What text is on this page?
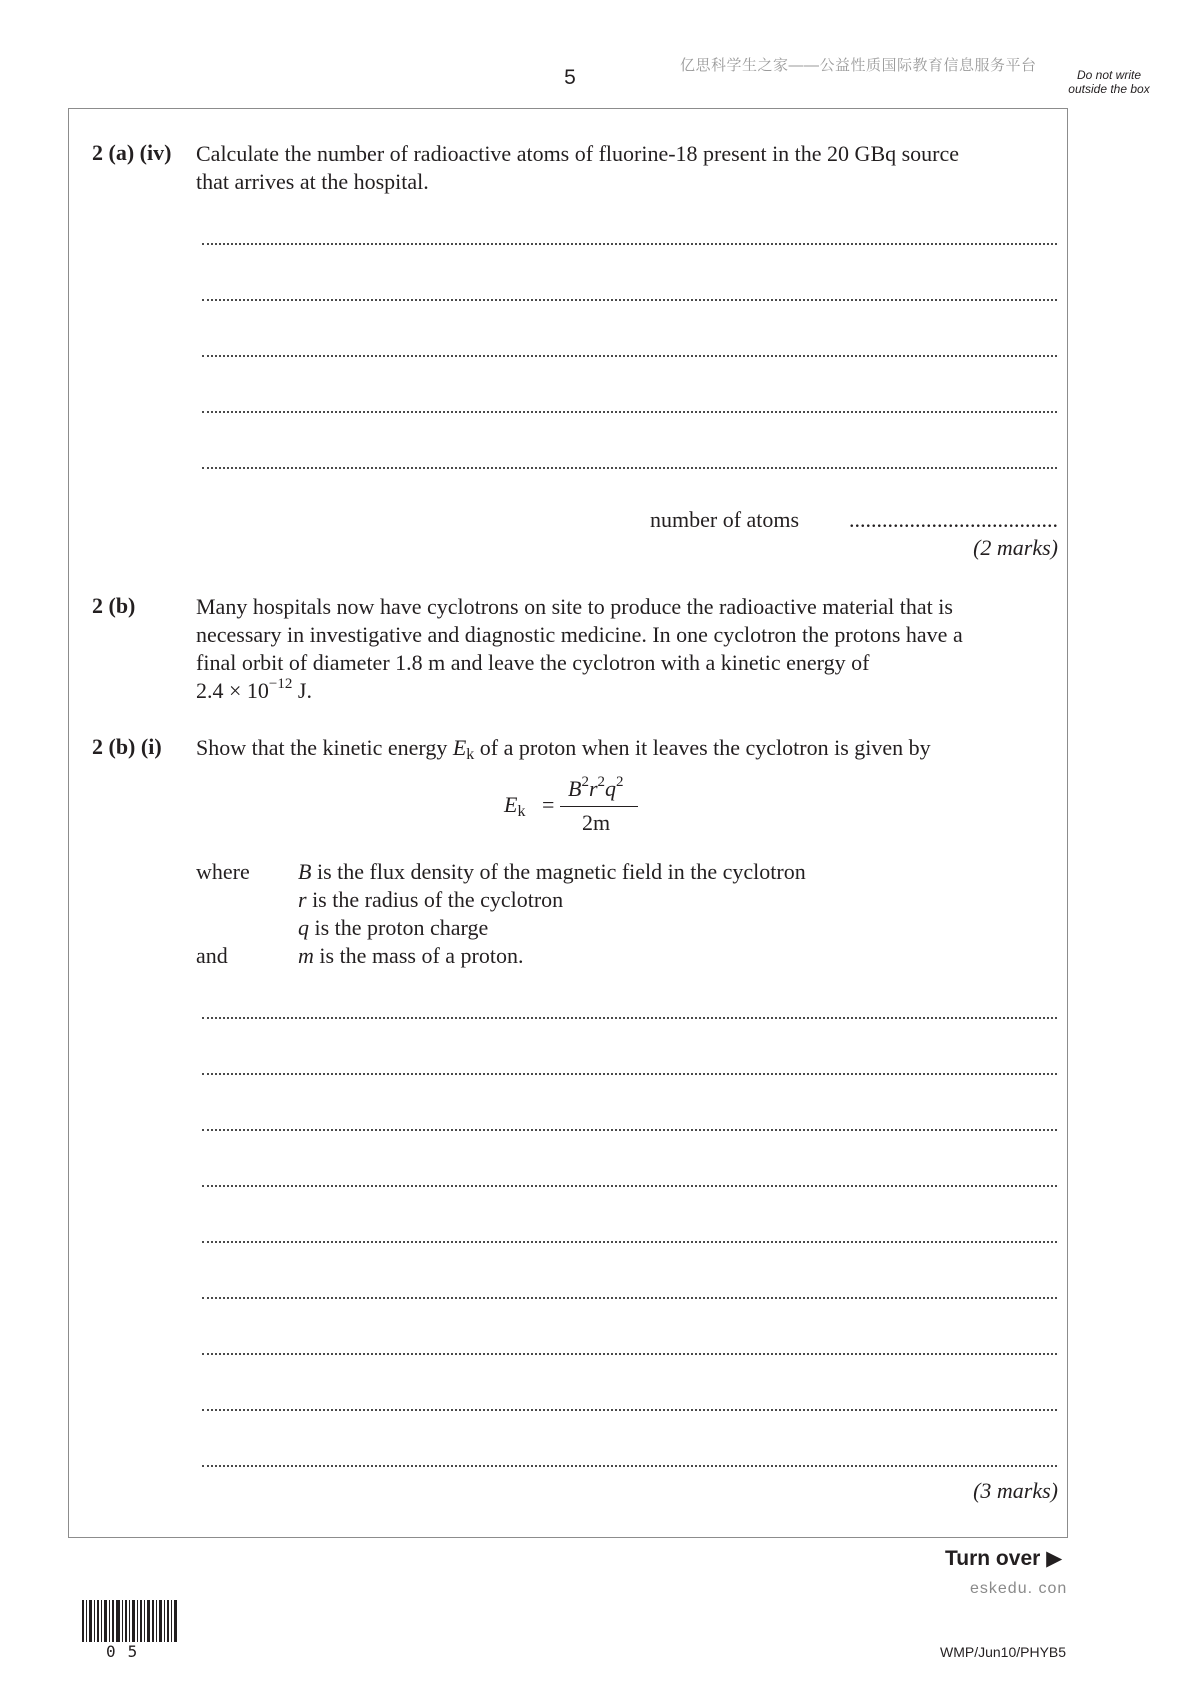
5
亿思科学生之家——公益性质国际教育信息服务平台
Do not write outside the box
2 (a) (iv) Calculate the number of radioactive atoms of fluorine-18 present in the 20 GBq source
that arrives at the hospital.
number of atoms	......................................
(2 marks)
2 (b)	Many hospitals now have cyclotrons on site to produce the radioactive material that is
necessary in investigative and diagnostic medicine. In one cyclotron the protons have a
final orbit of diameter 1.8 m and leave the cyclotron with a kinetic energy of
$2.4 \times 10^{-12}$ J.
2 (b) (i) Show that the kinetic energy $E_k$ of a proton when it leaves the cyclotron is given by
$E_k$ =
$B^2r^2q^2$
2m
where
and
B is the flux density of the magnetic field in the cyclotron
r is the radius of the cyclotron
q is the proton charge
m is the mass of a proton.
(3 marks)
Turn over ▶
eskedu. con
WMP/Jun10/PHYB5
05
